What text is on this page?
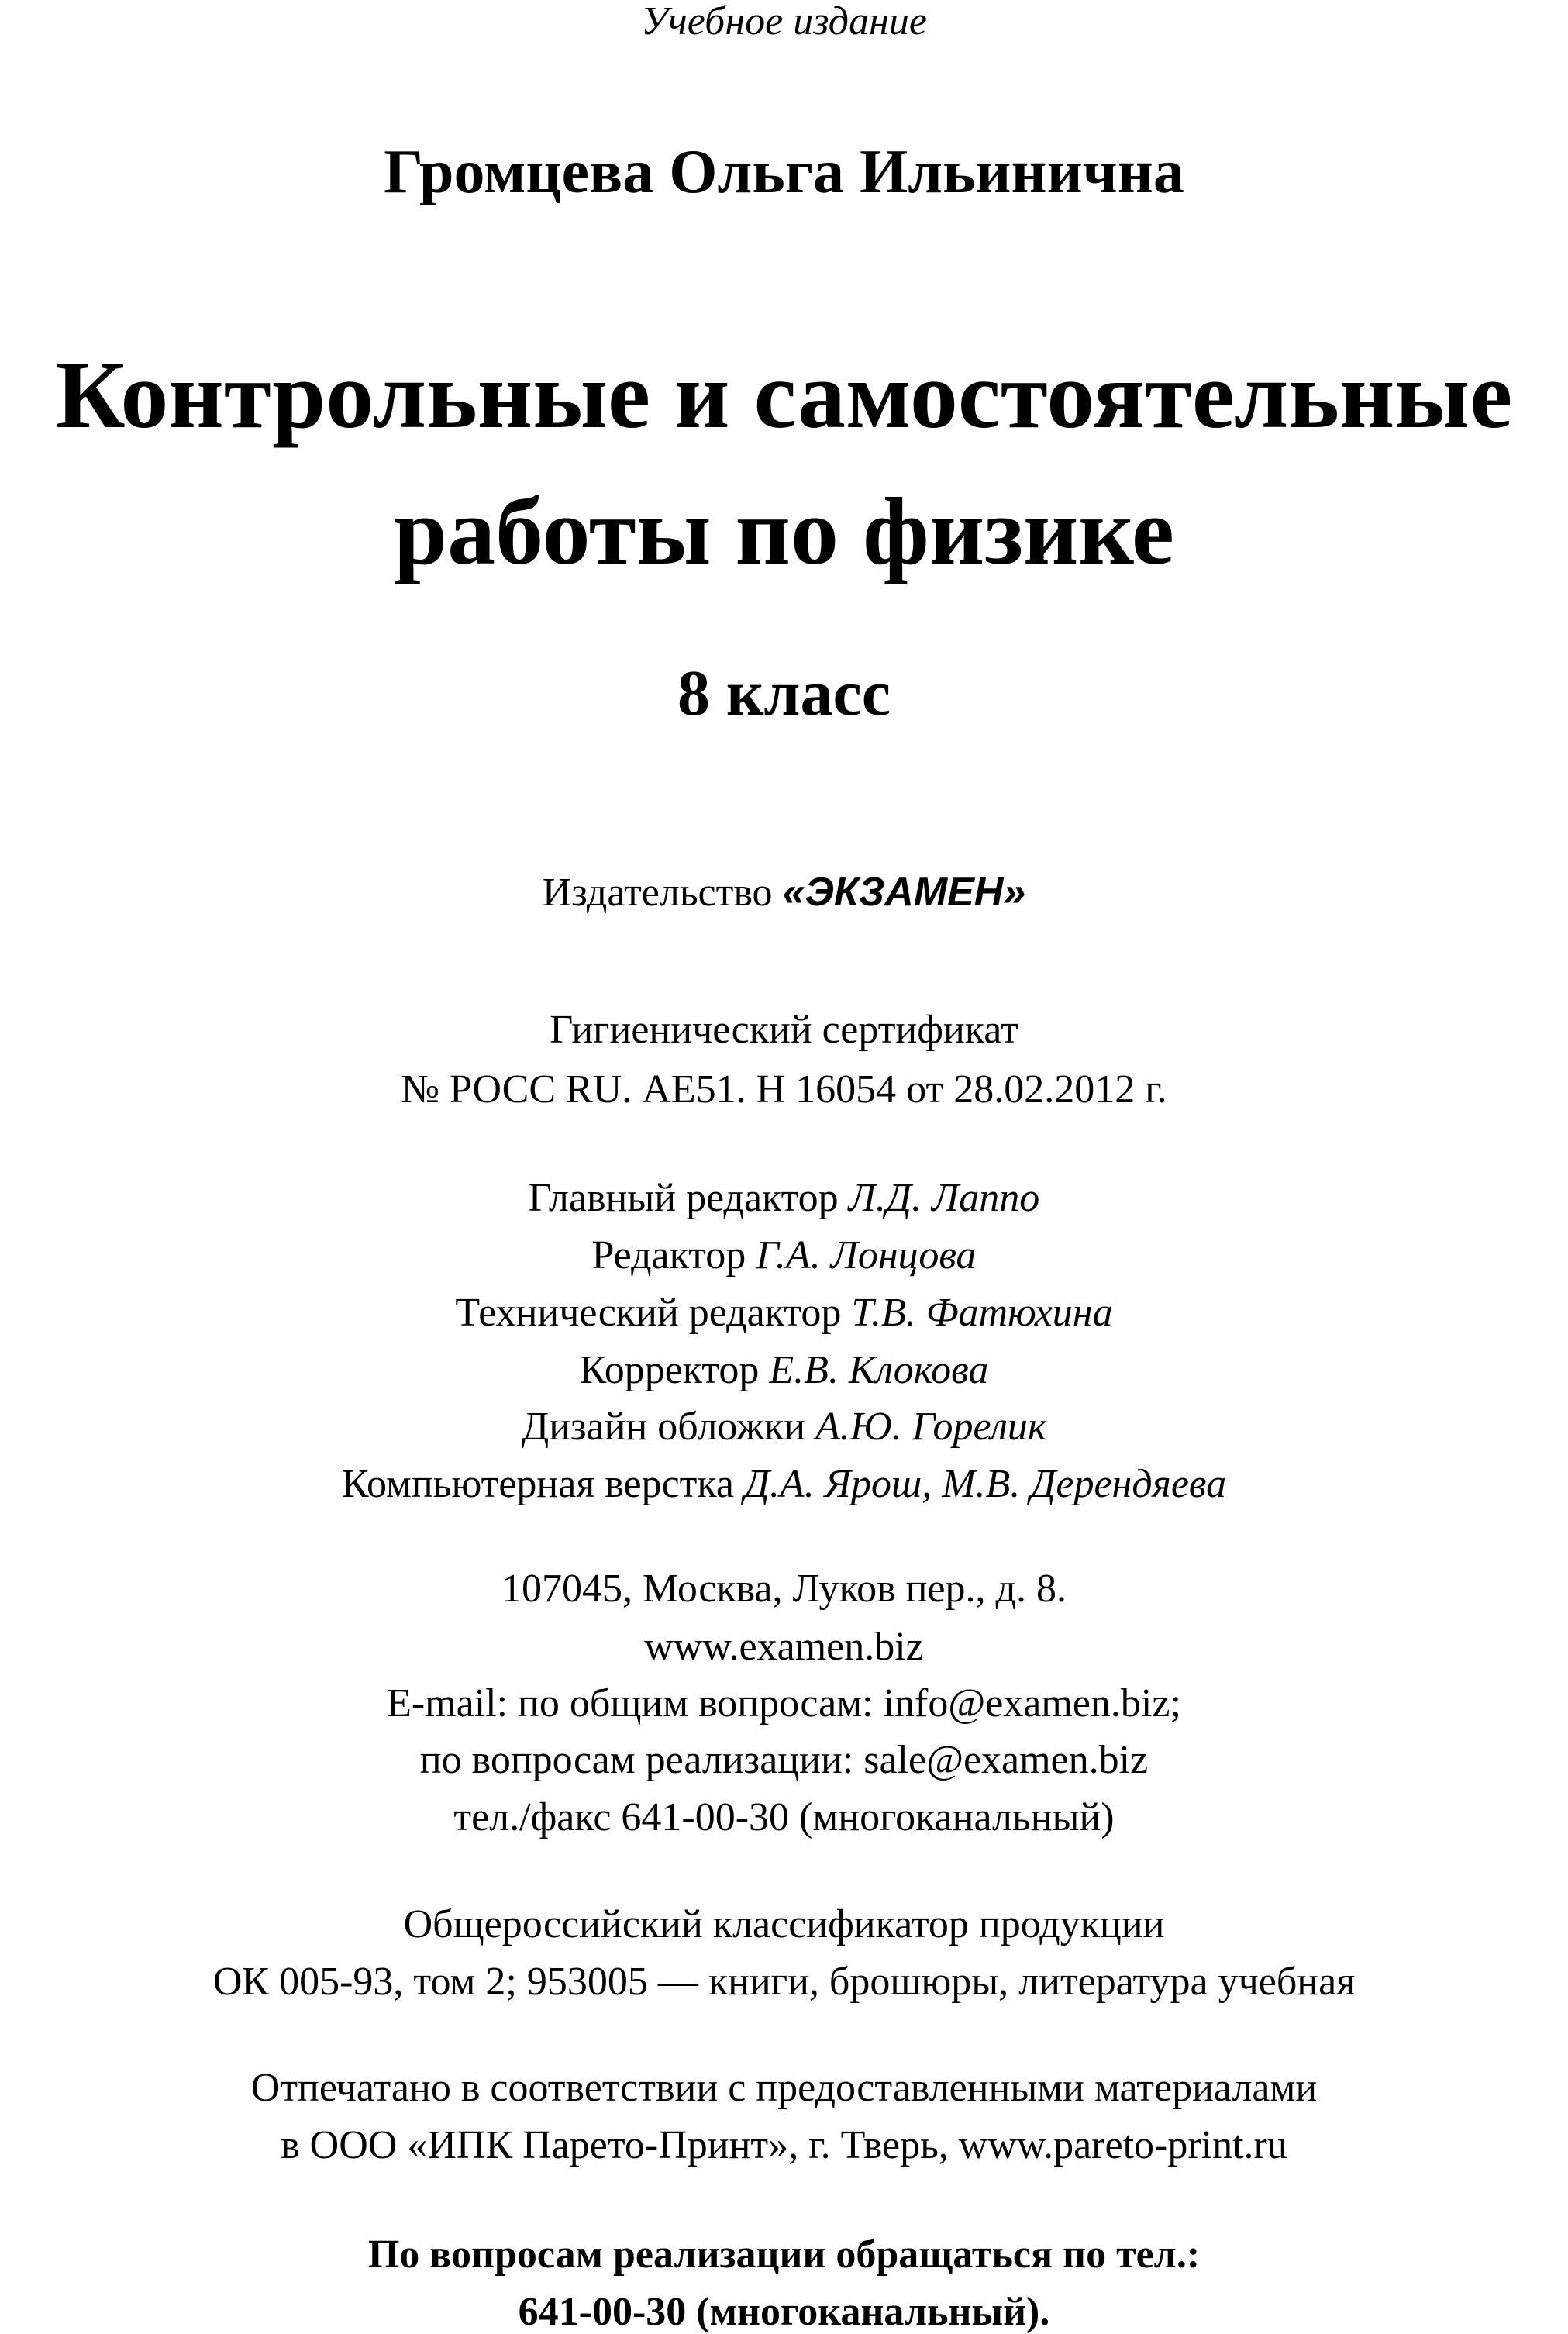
Учебное издание
Громцева Ольга Ильинична
Контрольные и самостоятельные
работы по физике
8 класс
Издательство «ЭКЗАМЕН»
Гигиенический сертификат
№ РОСС RU. АЕ51. Н 16054 от 28.02.2012 г.
Главный редактор Л.Д. Лаппо
Редактор Г.А. Лонцова
Технический редактор Т.В. Фатюхина
Корректор Е.В. Клокова
Дизайн обложки А.Ю. Горелик
Компьютерная верстка Д.А. Ярош, М.В. Дерендяева
107045, Москва, Луков пер., д. 8.
www.examen.biz
E-mail: по общим вопросам: info@examen.biz;
по вопросам реализации: sale@examen.biz
тел./факс 641-00-30 (многоканальный)
Общероссийский классификатор продукции
ОК 005-93, том 2; 953005 — книги, брошюры, литература учебная
Отпечатано в соответствии с предоставленными материалами
в ООО «ИПК Парето-Принт», г. Тверь, www.pareto-print.ru
По вопросам реализации обращаться по тел.:
641-00-30 (многоканальный).
